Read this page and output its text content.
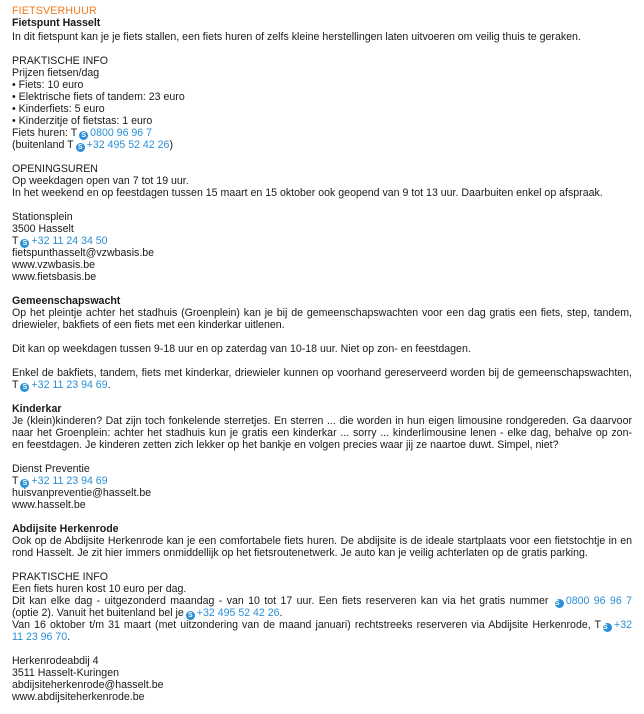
FIETSVERHUUR
Fietspunt Hasselt
In dit fietspunt kan je je fiets stallen, een fiets huren of zelfs kleine herstellingen laten uitvoeren om veilig thuis te geraken.
PRAKTISCHE INFO
Prijzen fietsen/dag
• Fiets: 10 euro
• Elektrische fiets of tandem: 23 euro
• Kinderfiets: 5 euro
• Kinderzitje of fietstas: 1 euro
Fiets huren: T S 0800 96 96 7
(buitenland T S +32 495 52 42 26)
OPENINGSUREN
Op weekdagen open van 7 tot 19 uur.
In het weekend en op feestdagen tussen 15 maart en 15 oktober ook geopend van 9 tot 13 uur. Daarbuiten enkel op afspraak.
Stationsplein
3500 Hasselt
T S +32 11 24 34 50
fietspunthasselt@vzwbasis.be
www.vzwbasis.be
www.fietsbasis.be
Gemeenschapswacht
Op het pleintje achter het stadhuis (Groenplein) kan je bij de gemeenschapswachten voor een dag gratis een fiets, step, tandem,
driewieler, bakfiets of een fiets met een kinderkar uitlenen.
Dit kan op weekdagen tussen 9-18 uur en op zaterdag van 10-18 uur. Niet op zon- en feestdagen.
Enkel de bakfiets, tandem, fiets met kinderkar, driewieler kunnen op voorhand gereserveerd worden bij de gemeenschapswachten,
T S +32 11 23 94 69.
Kinderkar
Je (klein)kinderen? Dat zijn toch fonkelende sterretjes. En sterren ... die worden in hun eigen limousine rondgereden. Ga daarvoor
naar het Groenplein: achter het stadhuis kun je gratis een kinderkar ... sorry ... kinderlimousine lenen - elke dag, behalve op zon-
en feestdagen. Je kinderen zetten zich lekker op het bankje en volgen precies waar jij ze naartoe duwt. Simpel, niet?
Dienst Preventie
T S +32 11 23 94 69
huisvanpreventie@hasselt.be
www.hasselt.be
Abdijsite Herkenrode
Ook op de Abdijsite Herkenrode kan je een comfortabele fiets huren. De abdijsite is de ideale startplaats voor een fietstochtje in en
rond Hasselt. Je zit hier immers onmiddellijk op het fietsroutenetwerk. Je auto kan je veilig achterlaten op de gratis parking.
PRAKTISCHE INFO
Een fiets huren kost 10 euro per dag.
Dit kan elke dag - uitgezonderd maandag - van 10 tot 17 uur. Een fiets reserveren kan via het gratis nummer S 0800 96 96 7
(optie 2). Vanuit het buitenland bel je S +32 495 52 42 26.
Van 16 oktober t/m 31 maart (met uitzondering van de maand januari) rechtstreeks reserveren via Abdijsite Herkenrode, T S +32
11 23 96 70.
Herkenrodeabdij 4
3511 Hasselt-Kuringen
abdijsiteherkenrode@hasselt.be
www.abdijsiteherkenrode.be
